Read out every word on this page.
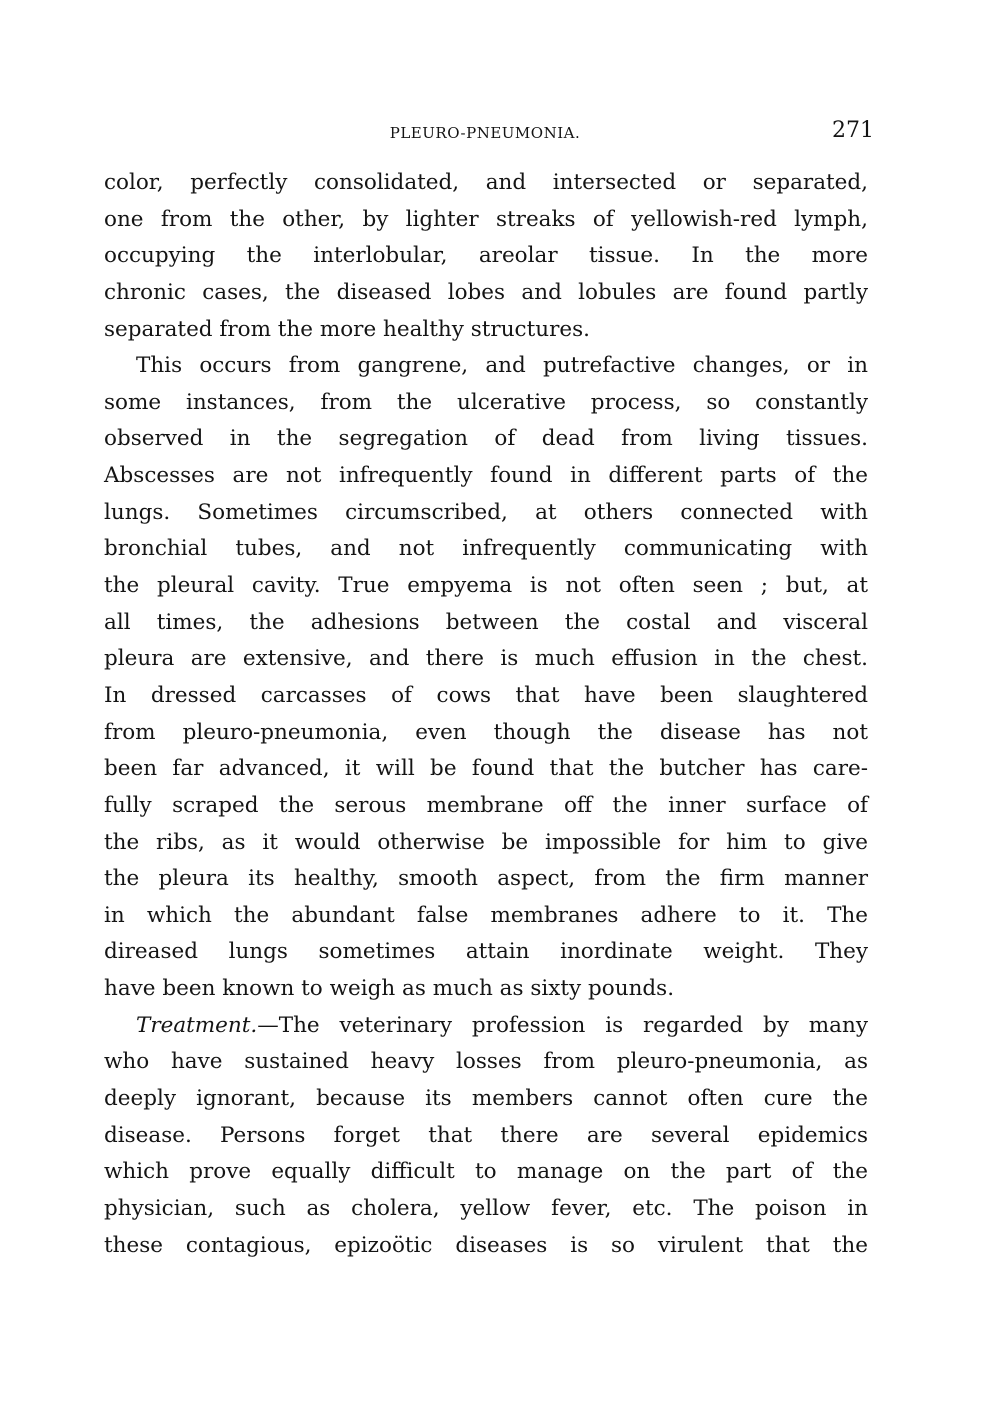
PLEURO-PNEUMONIA.	271
color, perfectly consolidated, and intersected or separated,
one from the other, by lighter streaks of yellowish-red lymph,
occupying the interlobular, areolar tissue. In the more
chronic cases, the diseased lobes and lobules are found partly
separated from the more healthy structures.
This occurs from gangrene, and putrefactive changes, or in
some instances, from the ulcerative process, so constantly
observed in the segregation of dead from living tissues.
Abscesses are not infrequently found in different parts of the
lungs. Sometimes circumscribed, at others connected with
bronchial tubes, and not infrequently communicating with
the pleural cavity. True empyema is not often seen ; but, at
all times, the adhesions between the costal and visceral
pleura are extensive, and there is much effusion in the chest.
In dressed carcasses of cows that have been slaughtered
from pleuro-pneumonia, even though the disease has not
been far advanced, it will be found that the butcher has care-
fully scraped the serous membrane off the inner surface of
the ribs, as it would otherwise be impossible for him to give
the pleura its healthy, smooth aspect, from the firm manner
in which the abundant false membranes adhere to it. The
direased lungs sometimes attain inordinate weight. They
have been known to weigh as much as sixty pounds.
Treatment.—The veterinary profession is regarded by many
who have sustained heavy losses from pleuro-pneumonia, as
deeply ignorant, because its members cannot often cure the
disease. Persons forget that there are several epidemics
which prove equally difficult to manage on the part of the
physician, such as cholera, yellow fever, etc. The poison in
these contagious, epizoötic diseases is so virulent that the
